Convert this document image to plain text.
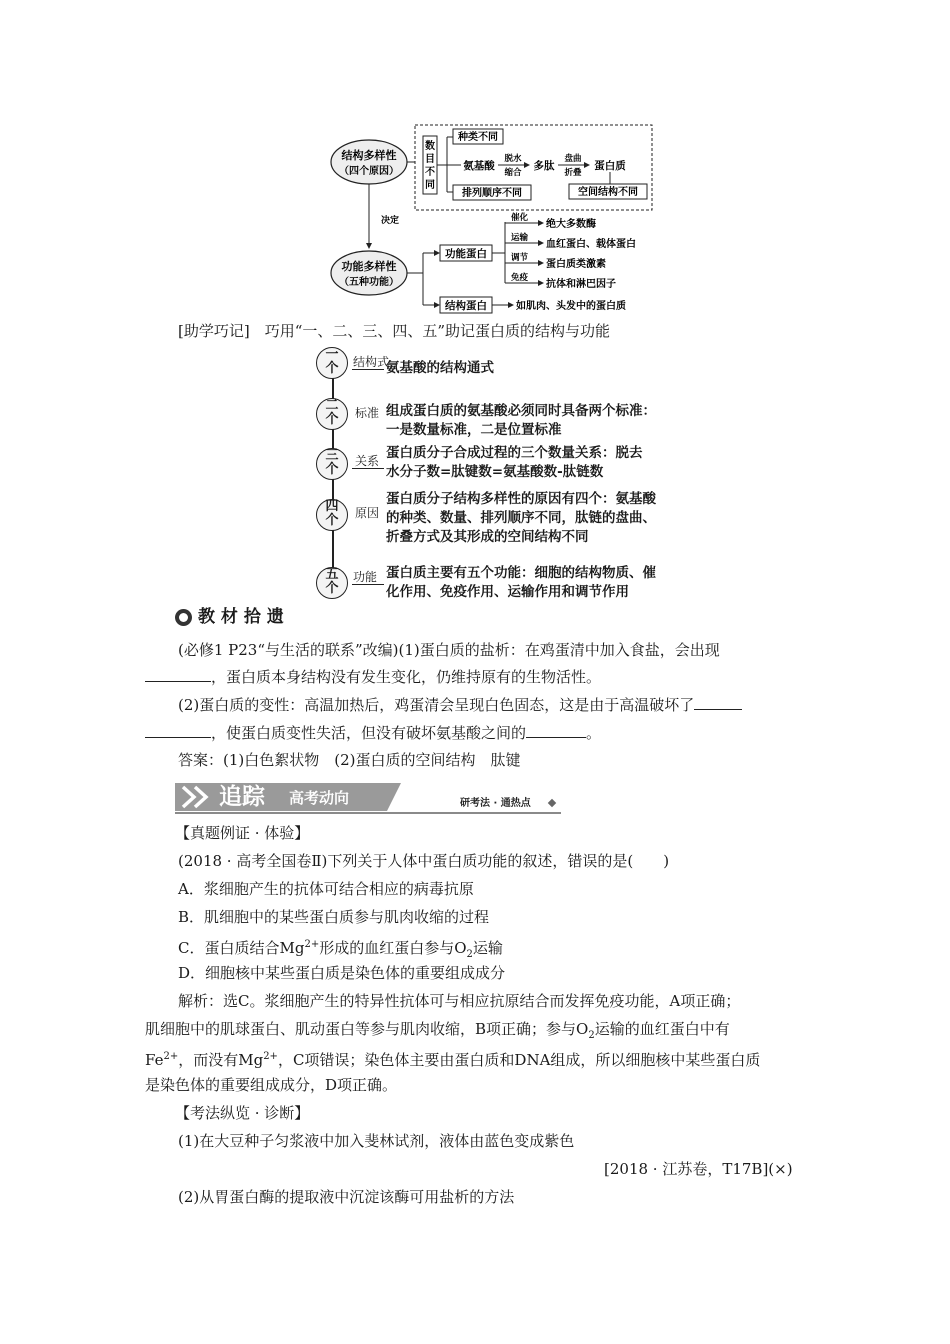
结构多样性
（四个原因）
数
目
不
同
种类不同
排列顺序不同
氨基酸
脱水
缩合
多肽
盘曲
折叠
蛋白质
空间结构不同
决定
功能多样性
（五种功能）
功能蛋白
结构蛋白	如肌肉、头发中的蛋白质
催化
绝大多数酶
运输
血红蛋白、载体蛋白
调节
蛋白质类激素
免疫
抗体和淋巴因子
[助学巧记]　巧用“一、二、三、四、五”助记蛋白质的结构与功能
一
个	结构式
氨基酸的结构通式
二
个	标准 组成蛋白质的氨基酸必须同时具备两个标准：
一是数量标准，二是位置标准
三
个
关系 蛋白质分子合成过程的三个数量关系：脱去
水分子数=肽键数=氨基酸数-肽链数
四
个	原因
蛋白质分子结构多样性的原因有四个：氨基酸
的种类、数量、排列顺序不同，肽链的盘曲、
折叠方式及其形成的空间结构不同
五
个
功能 蛋白质主要有五个功能：细胞的结构物质、催
化作用、免疫作用、运输作用和调节作用
教 材 拾 遗
(必修1 P23“与生活的联系”改编)(1)蛋白质的盐析：在鸡蛋清中加入食盐，会出现
，蛋白质本身结构没有发生变化，仍维持原有的生物活性。
(2)蛋白质的变性：高温加热后，鸡蛋清会呈现白色固态，这是由于高温破坏了
，使蛋白质变性失活，但没有破坏氨基酸之间的	。
答案：(1)白色絮状物　(2)蛋白质的空间结构　肽键
追踪 高考动向	研考法 · 通热点
【真题例证 · 体验】
(2018 · 高考全国卷Ⅱ)下列关于人体中蛋白质功能的叙述，错误的是(　　)
A．浆细胞产生的抗体可结合相应的病毒抗原
B．肌细胞中的某些蛋白质参与肌肉收缩的过程
C．蛋白质结合$Mg^{2+}$形成的血红蛋白参与$O_2$运输
D．细胞核中某些蛋白质是染色体的重要组成成分
解析：选C。浆细胞产生的特异性抗体可与相应抗原结合而发挥免疫功能，A项正确；
肌细胞中的肌球蛋白、肌动蛋白等参与肌肉收缩，B项正确；参与$O_2$运输的血红蛋白中有
$Fe^{2+}$，而没有$Mg^{2+}$，C项错误；染色体主要由蛋白质和DNA组成，所以细胞核中某些蛋白质
是染色体的重要组成成分，D项正确。
【考法纵览 · 诊断】
(1)在大豆种子匀浆液中加入斐林试剂，液体由蓝色变成紫色
[2018 · 江苏卷，T17B](×)
(2)从胃蛋白酶的提取液中沉淀该酶可用盐析的方法
